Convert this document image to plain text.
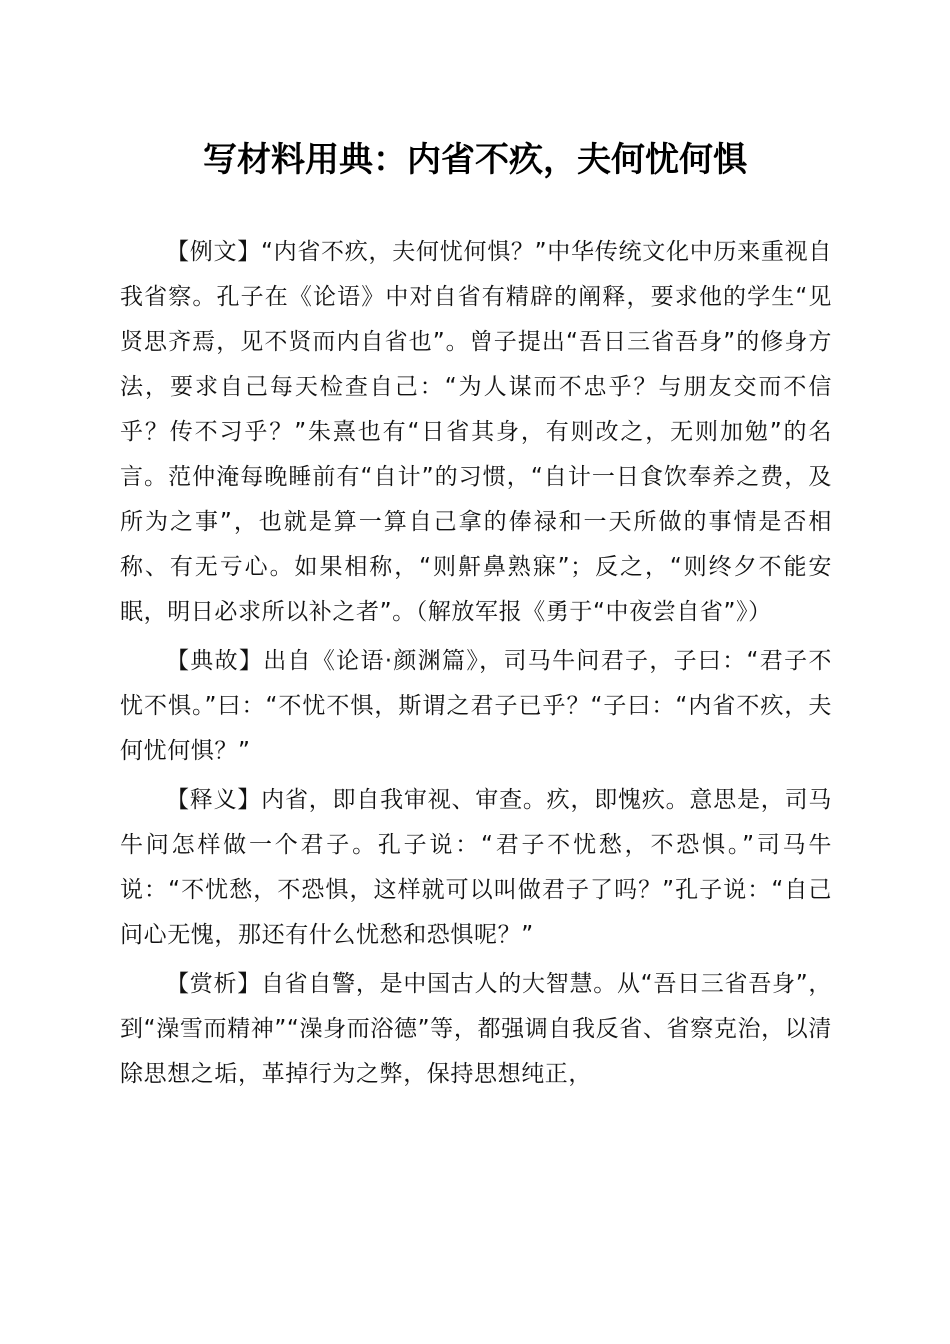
写材料用典：内省不疚，夫何忧何惧

【例文】“内省不疚，夫何忧何惧？”中华传统文化中历来重视自我省察。孔子在《论语》中对自省有精辟的阐释，要求他的学生“见贤思齐焉，见不贤而内自省也”。曾子提出“吾日三省吾身”的修身方法，要求自己每天检查自己：“为人谋而不忠乎？与朋友交而不信乎？传不习乎？”朱熹也有“日省其身，有则改之，无则加勉”的名言。范仲淹每晚睡前有“自计”的习惯，“自计一日食饮奉养之费，及所为之事”，也就是算一算自己拿的俸禄和一天所做的事情是否相称、有无亏心。如果相称，“则鼾鼻熟寐”；反之，“则终夕不能安眠，明日必求所以补之者”。（解放军报《勇于“中夜尝自省”》）

【典故】出自《论语·颜渊篇》，司马牛问君子，子曰：“君子不忧不惧。”曰：“不忧不惧，斯谓之君子已乎？“子曰：“内省不疚，夫何忧何惧？”

【释义】内省，即自我审视、审查。疚，即愧疚。意思是，司马牛问怎样做一个君子。孔子说：“君子不忧愁，不恐惧。”司马牛说：“不忧愁，不恐惧，这样就可以叫做君子了吗？”孔子说：“自己问心无愧，那还有什么忧愁和恐惧呢？”

【赏析】自省自警，是中国古人的大智慧。从“吾日三省吾身”，到“澡雪而精神”“澡身而浴德”等，都强调自我反省、省察克治，以清除思想之垢，革掉行为之弊，保持思想纯正，
